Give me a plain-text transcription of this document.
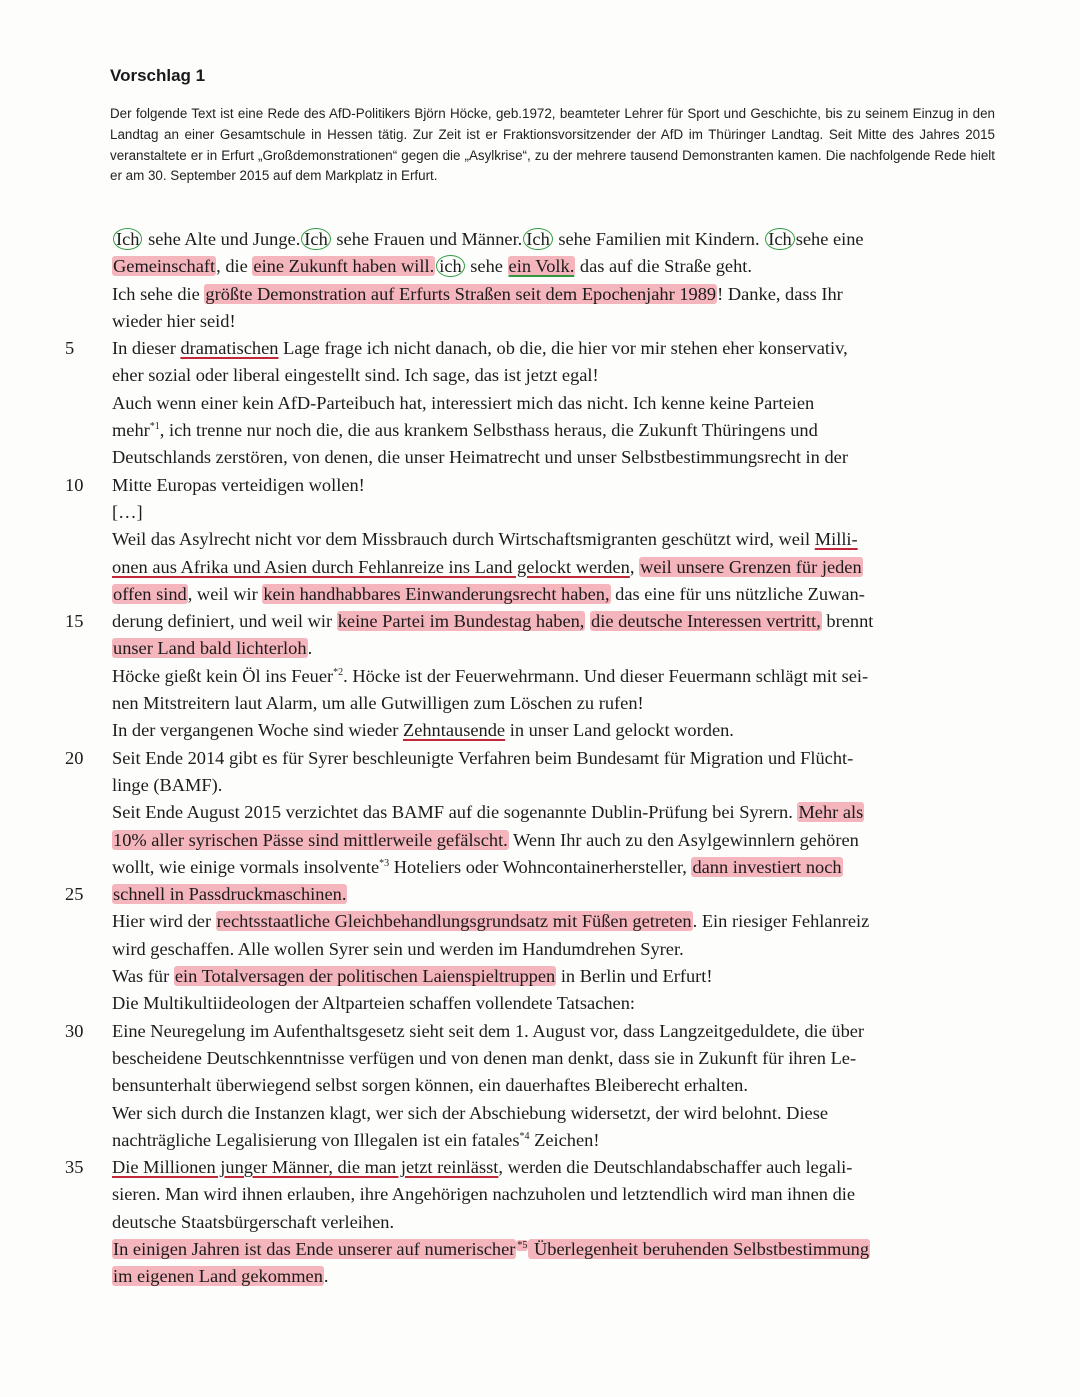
Vorschlag 1
Der folgende Text ist eine Rede des AfD-Politikers Björn Höcke, geb.1972, beamteter Lehrer für Sport und Geschichte, bis zu seinem Einzug in den Landtag an einer Gesamtschule in Hessen tätig. Zur Zeit ist er Fraktionsvorsitzender der AfD im Thüringer Landtag. Seit Mitte des Jahres 2015 veranstaltete er in Erfurt „Großdemonstrationen“ gegen die „Asylkrise“, zu der mehrere tausend Demonstranten kamen. Die nachfolgende Rede hielt er am 30. September 2015 auf dem Markplatz in Erfurt.
Ich sehe Alte und Junge. Ich sehe Frauen und Männer. Ich sehe Familien mit Kindern. Ich sehe eine
Gemeinschaft, die eine Zukunft haben will. ich sehe ein Volk. das auf die Straße geht.
Ich sehe die größte Demonstration auf Erfurts Straßen seit dem Epochenjahr 1989! Danke, dass Ihr
wieder hier seid!
5 In dieser dramatischen Lage frage ich nicht danach, ob die, die hier vor mir stehen eher konservativ,
eher sozial oder liberal eingestellt sind. Ich sage, das ist jetzt egal!
Auch wenn einer kein AfD-Parteibuch hat, interessiert mich das nicht. Ich kenne keine Parteien
mehr$^{*1}$, ich trenne nur noch die, die aus krankem Selbsthass heraus, die Zukunft Thüringens und
Deutschlands zerstören, von denen, die unser Heimatrecht und unser Selbstbestimmungsrecht in der
10 Mitte Europas verteidigen wollen!
[…]
Weil das Asylrecht nicht vor dem Missbrauch durch Wirtschaftsmigranten geschützt wird, weil Milli-
onen aus Afrika und Asien durch Fehlanreize ins Land gelockt werden, weil unsere Grenzen für jeden
offen sind, weil wir kein handhabbares Einwanderungsrecht haben, das eine für uns nützliche Zuwan-
15 derung definiert, und weil wir keine Partei im Bundestag haben, die deutsche Interessen vertritt, brennt
unser Land bald lichterloh.
Höcke gießt kein Öl ins Feuer$^{*2}$. Höcke ist der Feuerwehrmann. Und dieser Feuermann schlägt mit sei-
nen Mitstreitern laut Alarm, um alle Gutwilligen zum Löschen zu rufen!
In der vergangenen Woche sind wieder Zehntausende in unser Land gelockt worden.
20 Seit Ende 2014 gibt es für Syrer beschleunigte Verfahren beim Bundesamt für Migration und Flücht-
linge (BAMF).
Seit Ende August 2015 verzichtet das BAMF auf die sogenannte Dublin-Prüfung bei Syrern. Mehr als
10% aller syrischen Pässe sind mittlerweile gefälscht. Wenn Ihr auch zu den Asylgewinnlern gehören
wollt, wie einige vormals insolvente$^{*3}$ Hoteliers oder Wohncontainerhersteller, dann investiert noch
25 schnell in Passdruckmaschinen.
Hier wird der rechtsstaatliche Gleichbehandlungsgrundsatz mit Füßen getreten. Ein riesiger Fehlanreiz
wird geschaffen. Alle wollen Syrer sein und werden im Handumdrehen Syrer.
Was für ein Totalversagen der politischen Laienspieltruppen in Berlin und Erfurt!
Die Multikultiideologen der Altparteien schaffen vollendete Tatsachen:
30 Eine Neuregelung im Aufenthaltsgesetz sieht seit dem 1. August vor, dass Langzeitgeduldete, die über
bescheidene Deutschkenntnisse verfügen und von denen man denkt, dass sie in Zukunft für ihren Le-
bensunterhalt überwiegend selbst sorgen können, ein dauerhaftes Bleiberecht erhalten.
Wer sich durch die Instanzen klagt, wer sich der Abschiebung widersetzt, der wird belohnt. Diese
nachträgliche Legalisierung von Illegalen ist ein fatales$^{*4}$ Zeichen!
35 Die Millionen junger Männer, die man jetzt reinlässt, werden die Deutschlandabschaffer auch legali-
sieren. Man wird ihnen erlauben, ihre Angehörigen nachzuholen und letztendlich wird man ihnen die
deutsche Staatsbürgerschaft verleihen.
In einigen Jahren ist das Ende unserer auf numerischer $^{*5}$ Überlegenheit beruhenden Selbstbestimmung
im eigenen Land gekommen.
